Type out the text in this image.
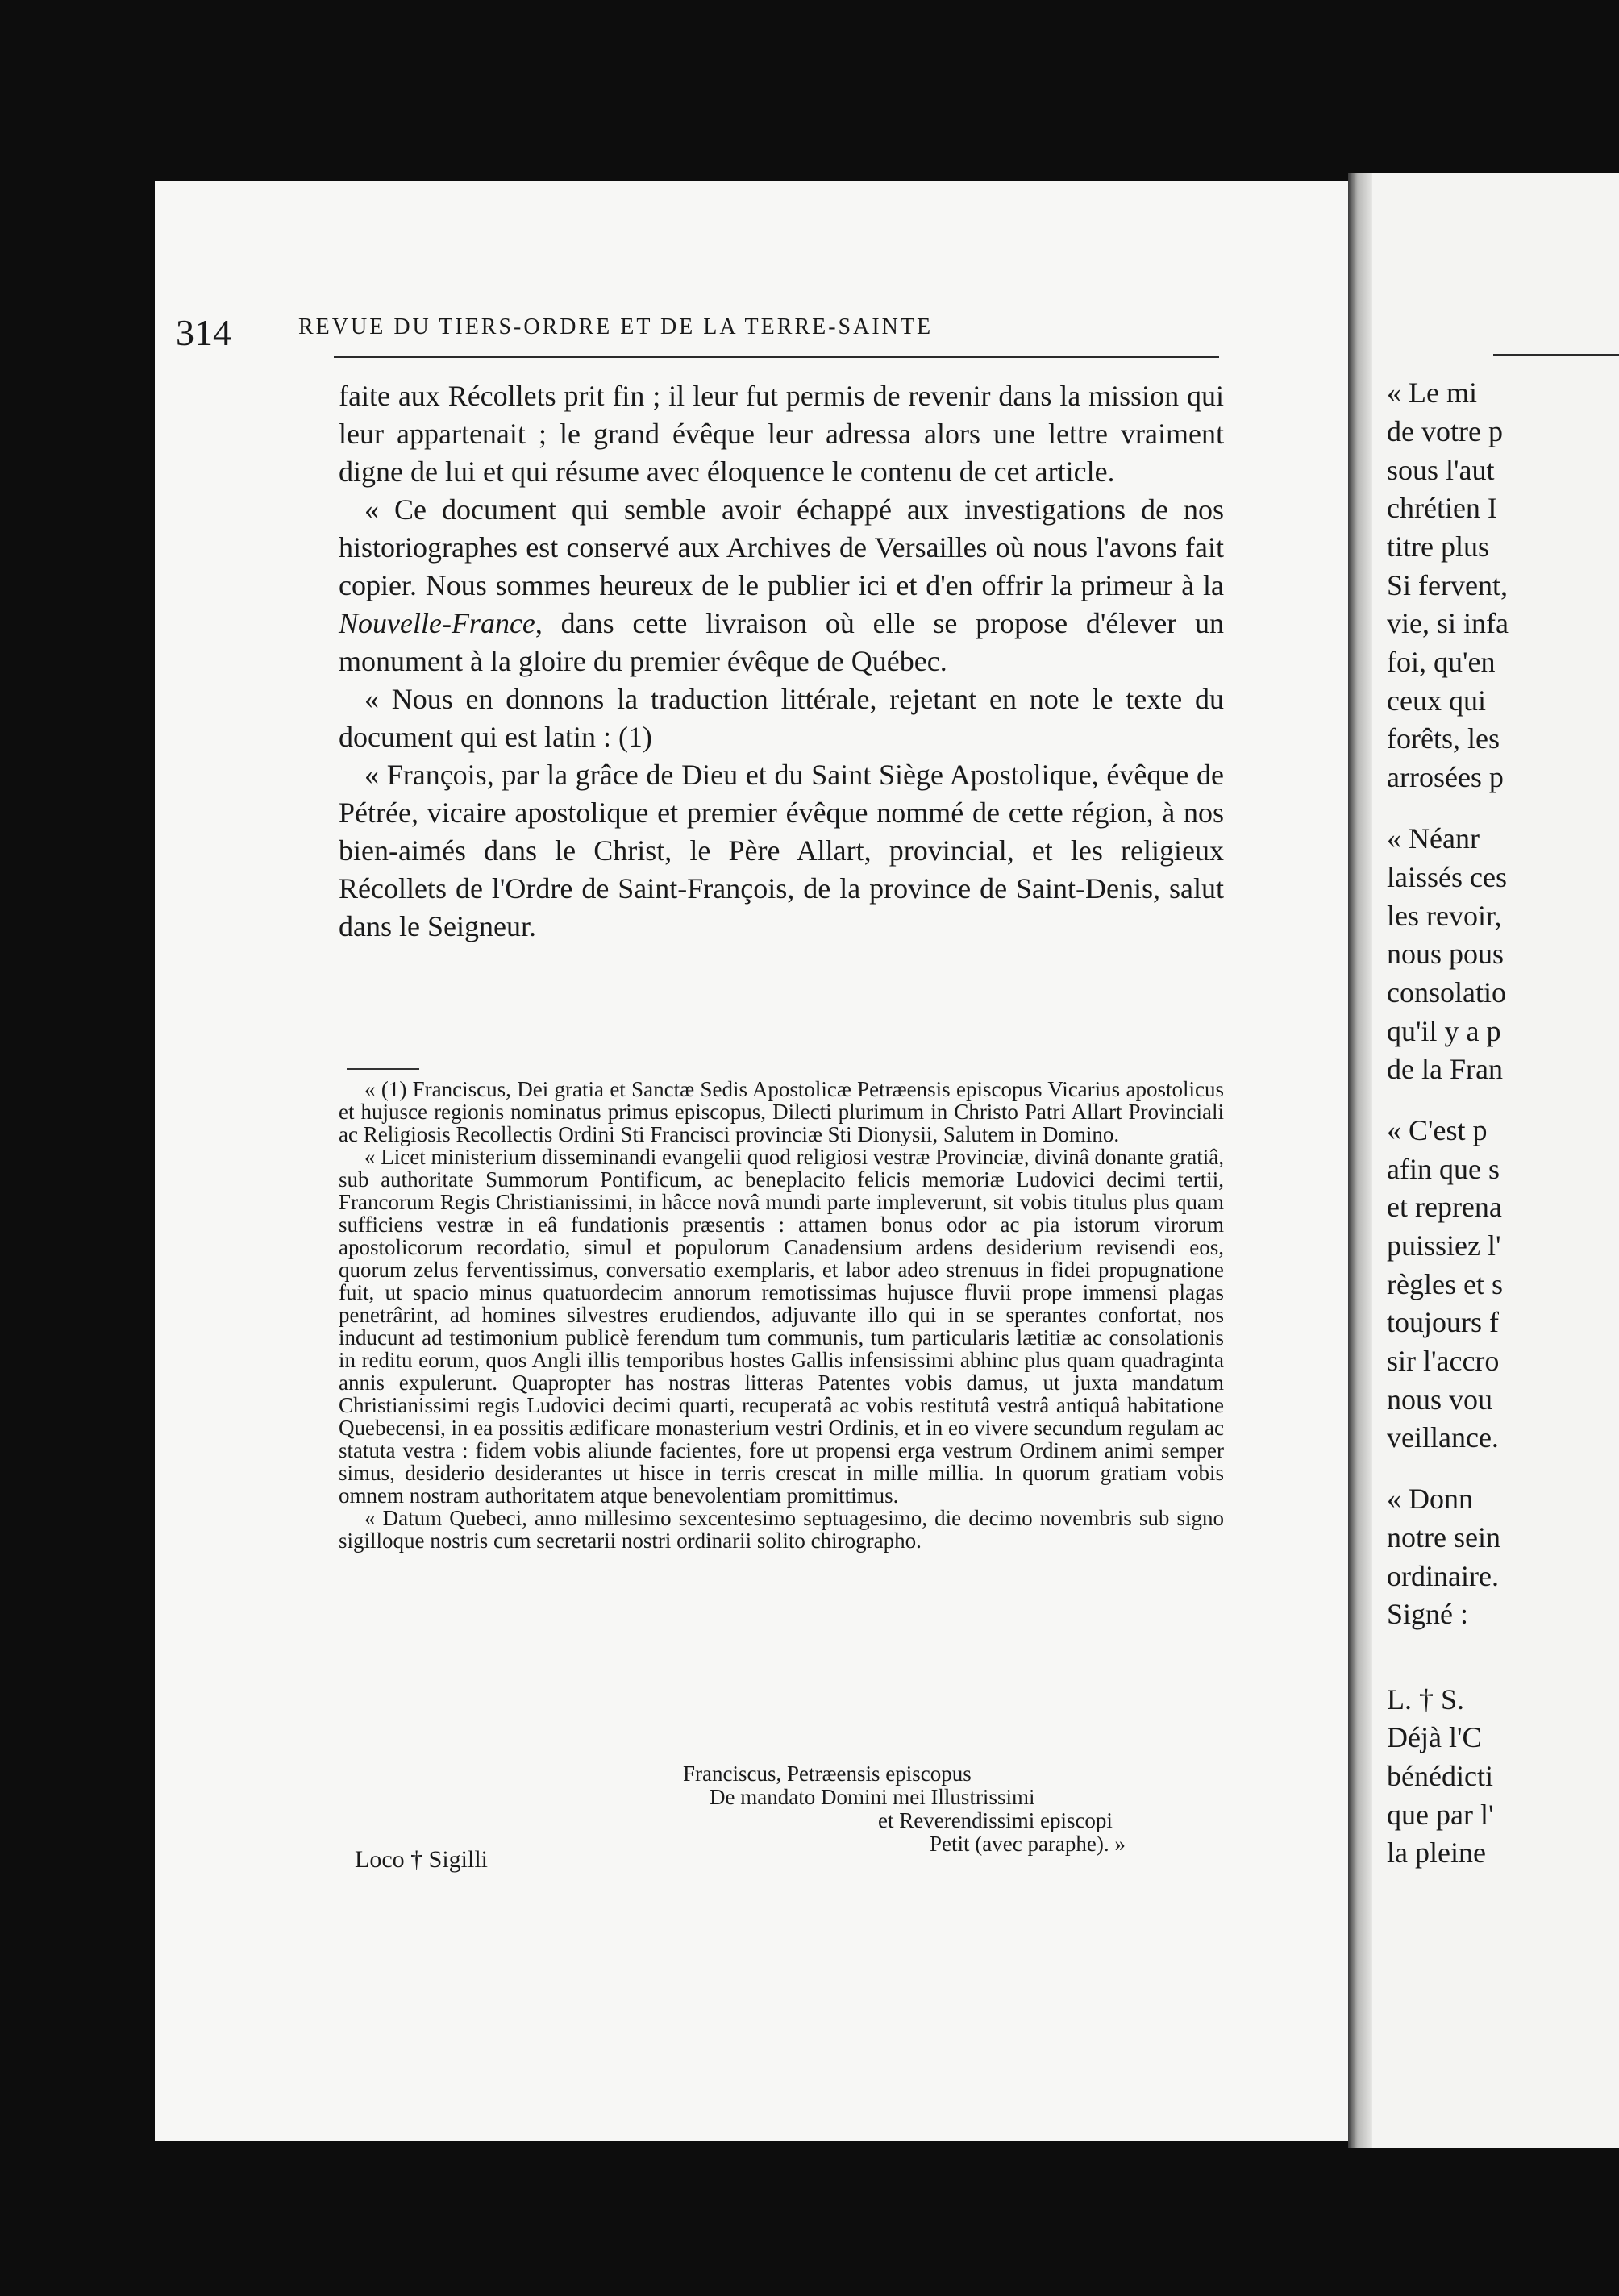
« Le mi
de votre p
sous l'aut
chrétien I
titre plus
Si fervent,
vie, si infa
foi, qu'en
ceux qui
forêts, les
arrosées p
« Néanr
laissés ces
les revoir,
nous pous
consolatio
qu'il y a p
de la Fran
« C'est p
afin que s
et reprena
puissiez l'
règles et s
toujours f
sir l'accro
nous vou
veillance.
« Donn
notre sein
ordinaire.
Signé :
L. † S.
Déjà l'C
bénédicti
que par l'
la pleine
314	REVUE DU TIERS-ORDRE ET DE LA TERRE-SAINTE

faite aux Récollets prit fin ; il leur fut permis de revenir dans la mission qui leur appartenait ; le grand évêque leur adressa alors une lettre vraiment digne de lui et qui résume avec éloquence le contenu de cet article.

« Ce document qui semble avoir échappé aux investigations de nos historiographes est conservé aux Archives de Versailles où nous l'avons fait copier. Nous sommes heureux de le publier ici et d'en offrir la primeur à la Nouvelle-France, dans cette livraison où elle se propose d'élever un monument à la gloire du premier évêque de Québec.

« Nous en donnons la traduction littérale, rejetant en note le texte du document qui est latin : (1)

« François, par la grâce de Dieu et du Saint Siège Apostolique, évêque de Pétrée, vicaire apostolique et premier évêque nommé de cette région, à nos bien-aimés dans le Christ, le Père Allart, provincial, et les religieux Récollets de l'Ordre de Saint-François, de la province de Saint-Denis, salut dans le Seigneur.

« (1) Franciscus, Dei gratia et Sanctæ Sedis Apostolicæ Petræensis episcopus Vicarius apostolicus et hujusce regionis nominatus primus episcopus, Dilecti plurimum in Christo Patri Allart Provinciali ac Religiosis Recollectis Ordini Sti Francisci provinciæ Sti Dionysii, Salutem in Domino.

« Licet ministerium disseminandi evangelii quod religiosi vestræ Provinciæ, divinâ donante gratiâ, sub authoritate Summorum Pontificum, ac beneplacito felicis memoriæ Ludovici decimi tertii, Francorum Regis Christianissimi, in hâcce novâ mundi parte impleverunt, sit vobis titulus plus quam sufficiens vestræ in eâ fundationis præsentis : attamen bonus odor ac pia istorum virorum apostolicorum recordatio, simul et populorum Canadensium ardens desiderium revisendi eos, quorum zelus ferventissimus, conversatio exemplaris, et labor adeo strenuus in fidei propugnatione fuit, ut spacio minus quatuordecim annorum remotissimas hujusce fluvii prope immensi plagas penetrârint, ad homines silvestres erudiendos, adjuvante illo qui in se sperantes confortat, nos inducunt ad testimonium publicè ferendum tum communis, tum particularis lætitiæ ac consolationis in reditu eorum, quos Angli illis temporibus hostes Gallis infensissimi abhinc plus quam quadraginta annis expulerunt. Quapropter has nostras litteras Patentes vobis damus, ut juxta mandatum Christianissimi regis Ludovici decimi quarti, recuperatâ ac vobis restitutâ vestrâ antiquâ habitatione Quebecensi, in ea possitis ædificare monasterium vestri Ordinis, et in eo vivere secundum regulam ac statuta vestra : fidem vobis aliunde facientes, fore ut propensi erga vestrum Ordinem animi semper simus, desiderio desiderantes ut hisce in terris crescat in mille millia. In quorum gratiam vobis omnem nostram authoritatem atque benevolentiam promittimus.

« Datum Quebeci, anno millesimo sexcentesimo septuagesimo, die decimo novembris sub signo sigilloque nostris cum secretarii nostri ordinarii solito chirographo.

Franciscus, Petræensis episcopus
De mandato Domini mei Illustrissimi
et Reverendissimi episcopi
Petit (avec paraphe). »
Loco † Sigilli
